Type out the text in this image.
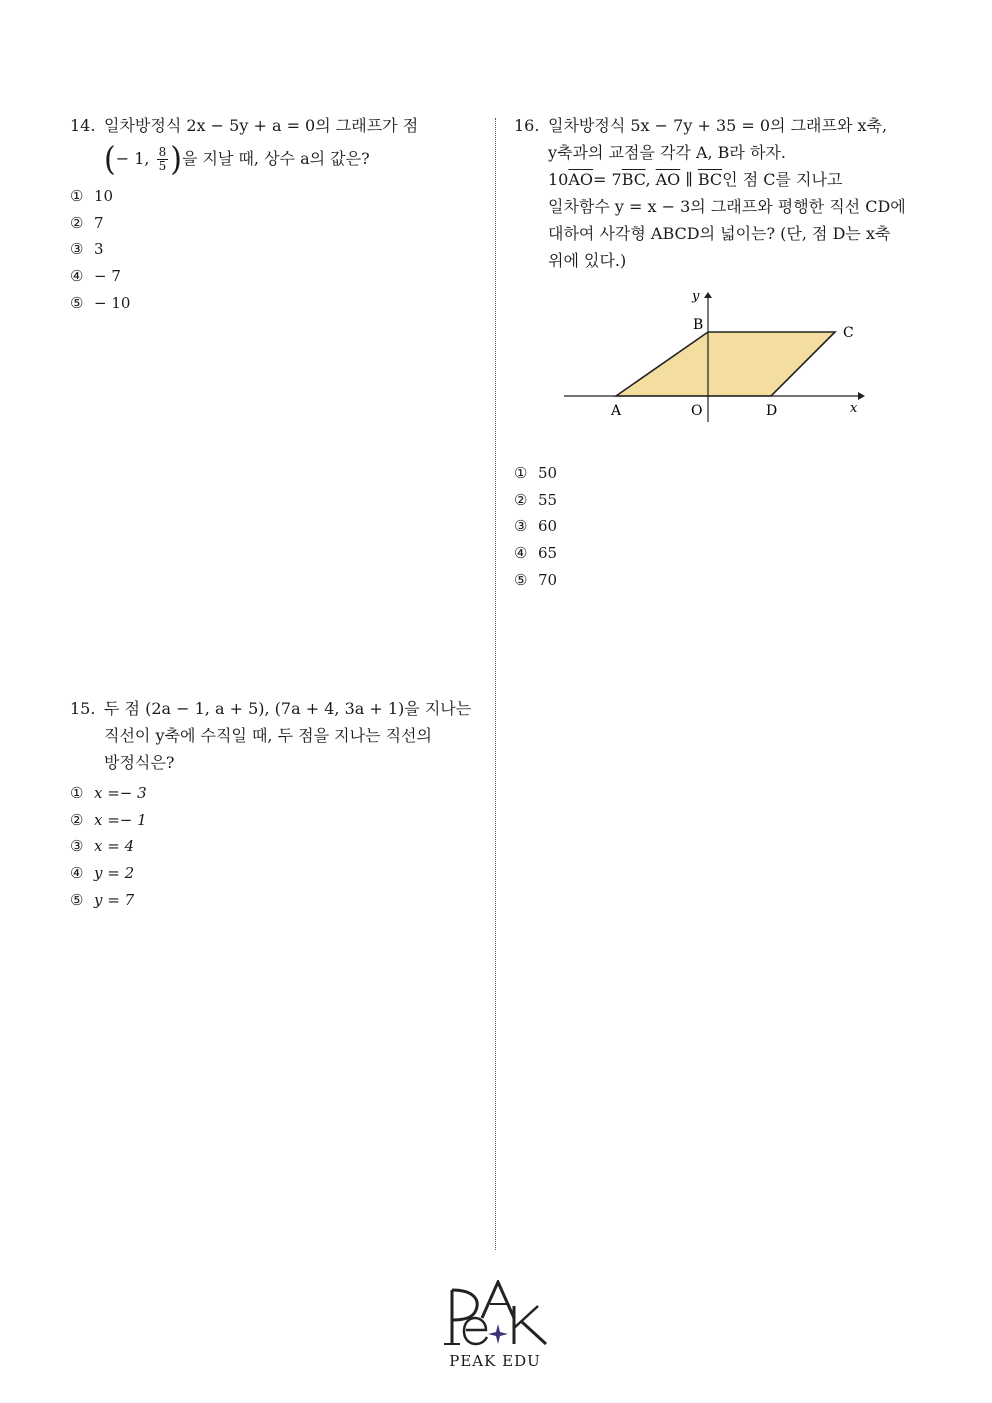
14. 일차방정식 2x − 5y + a = 0의 그래프가 점
(− 1, $\frac{8}{5}$ )을 지날 때, 상수 a의 값은?
① 10
② 7
③ 3
④ − 7
⑤ − 10
15. 두 점 (2a − 1, a + 5), (7a + 4, 3a + 1)을 지나는
직선이 y축에 수직일 때, 두 점을 지나는 직선의
방정식은?
① x =− 3
② x =− 1
③ x = 4
④ y = 2
⑤ y = 7
16. 일차방정식 5x − 7y + 35 = 0의 그래프와 x축,
y축과의 교점을 각각 A, B라 하자.
$10\overline{AO}= 7\overline{BC}$, $\overline{AO}$ ∥ $\overline{BC}$인 점 C를 지나고
일차함수 y = x − 3의 그래프와 평행한 직선 CD에
대하여 사각형 ABCD의 넓이는? (단, 점 D는 x축
위에 있다.)
y
x
B	C
A	O	D
① 50
② 55
③ 60
④ 65
⑤ 70
PEAK EDU
